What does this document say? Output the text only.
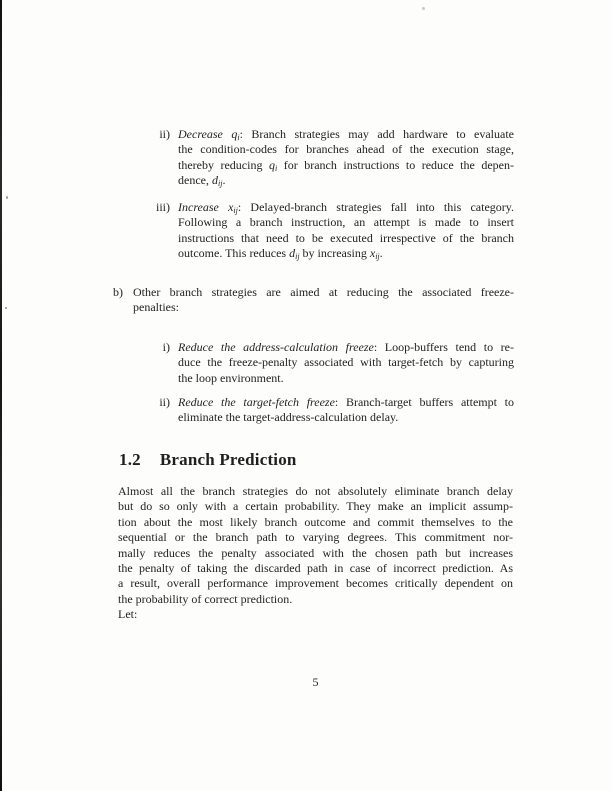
ii) Decrease $q_i$: Branch strategies may add hardware to evaluate
the condition-codes for branches ahead of the execution stage,
thereby reducing $q_i$ for branch instructions to reduce the depen-
dence, $d_{ij}$.
iii) Increase $x_{ij}$: Delayed-branch strategies fall into this category.
Following a branch instruction, an attempt is made to insert
instructions that need to be executed irrespective of the branch
outcome. This reduces $d_{ij}$ by increasing $x_{ij}$.
b) Other branch strategies are aimed at reducing the associated freeze-
penalties:
i) Reduce the address-calculation freeze: Loop-buffers tend to re-
duce the freeze-penalty associated with target-fetch by capturing
the loop environment.
ii) Reduce the target-fetch freeze: Branch-target buffers attempt to
eliminate the target-address-calculation delay.
1.2 Branch Prediction
Almost all the branch strategies do not absolutely eliminate branch delay
but do so only with a certain probability. They make an implicit assump-
tion about the most likely branch outcome and commit themselves to the
sequential or the branch path to varying degrees. This commitment nor-
mally reduces the penalty associated with the chosen path but increases
the penalty of taking the discarded path in case of incorrect prediction. As
a result, overall performance improvement becomes critically dependent on
the probability of correct prediction.
Let:
5
